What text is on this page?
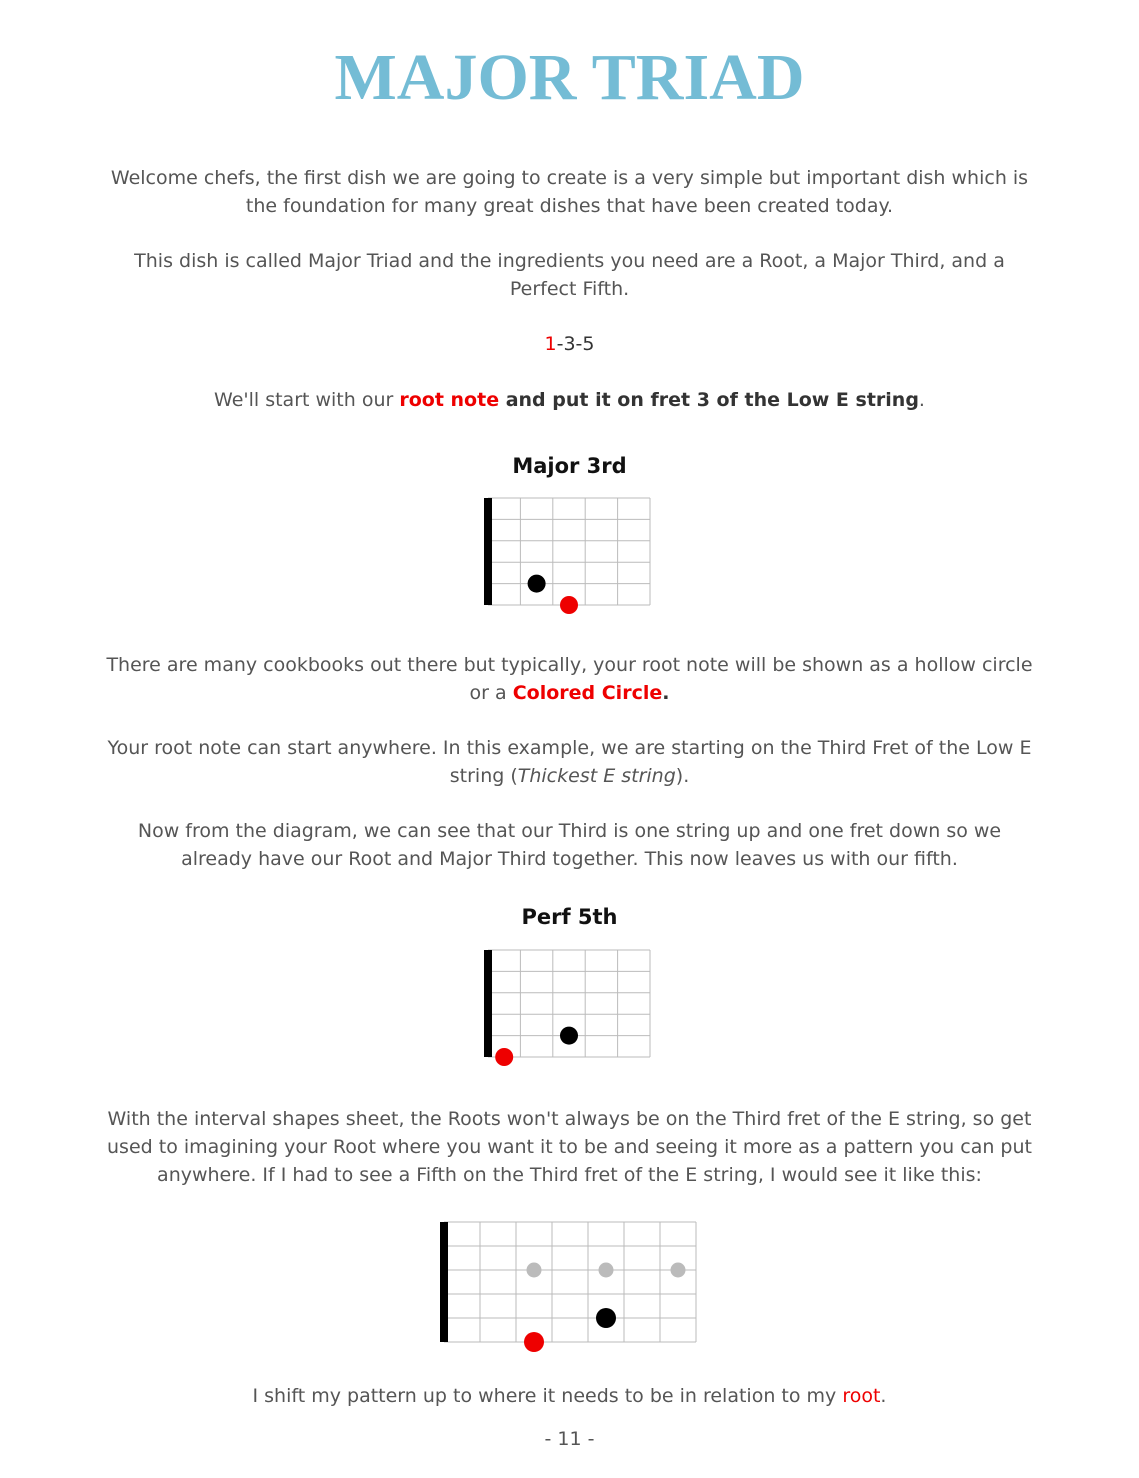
MAJOR TRIAD

Welcome chefs, the first dish we are going to create is a very simple but important dish which is the foundation for many great dishes that have been created today.

This dish is called Major Triad and the ingredients you need are a Root, a Major Third, and a Perfect Fifth.

1-3-5

We'll start with our root note and put it on fret 3 of the Low E string.

Major 3rd

There are many cookbooks out there but typically, your root note will be shown as a hollow circle or a Colored Circle.

Your root note can start anywhere. In this example, we are starting on the Third Fret of the Low E string (Thickest E string).

Now from the diagram, we can see that our Third is one string up and one fret down so we already have our Root and Major Third together. This now leaves us with our fifth.

Perf 5th

With the interval shapes sheet, the Roots won't always be on the Third fret of the E string, so get used to imagining your Root where you want it to be and seeing it more as a pattern you can put anywhere. If I had to see a Fifth on the Third fret of the E string, I would see it like this:

I shift my pattern up to where it needs to be in relation to my root.

- 11 -
